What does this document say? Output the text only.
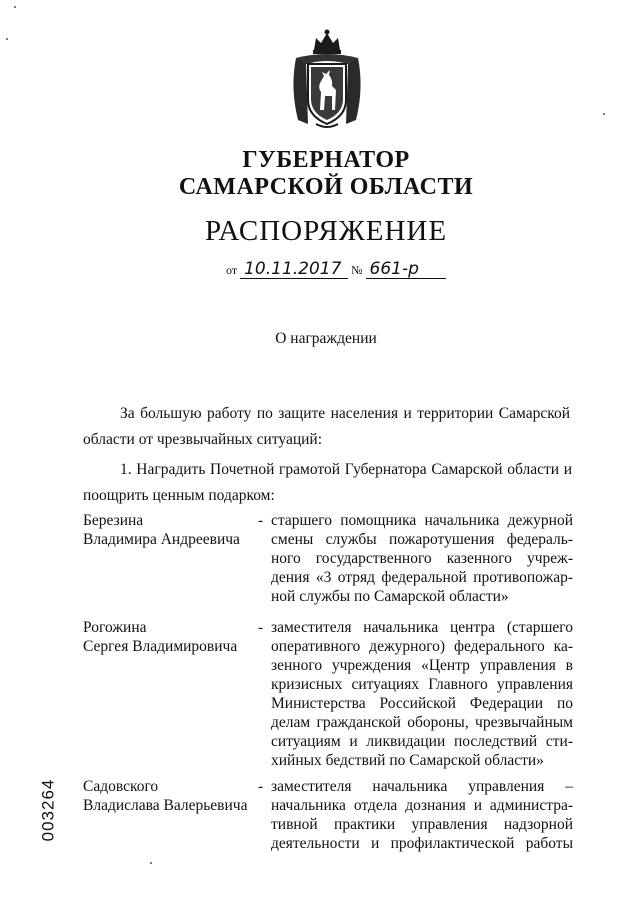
ГУБЕРНАТОР
САМАРСКОЙ ОБЛАСТИ
РАСПОРЯЖЕНИЕ
от 10.11.2017 № 661-р
О награждении
За большую работу по защите населения и территории Самарской
области от чрезвычайных ситуаций:
1. Наградить Почетной грамотой Губернатора Самарской области и
поощрить ценным подарком:
Березина
Владимира Андреевича
- старшего помощника начальника дежурной
смены службы пожаротушения федераль-
ного государственного казенного учреж-
дения «3 отряд федеральной противопожар-
ной службы по Самарской области»
Рогожина
Сергея Владимировича
- заместителя начальника центра (старшего
оперативного дежурного) федерального ка-
зенного учреждения «Центр управления в
кризисных ситуациях Главного управления
Министерства Российской Федерации по
делам гражданской обороны, чрезвычайным
ситуациям и ликвидации последствий сти-
хийных бедствий по Самарской области»
Садовского
Владислава Валерьевича
- заместителя начальника управления –
начальника отдела дознания и администра-
тивной практики управления надзорной
деятельности и профилактической работы
003264
